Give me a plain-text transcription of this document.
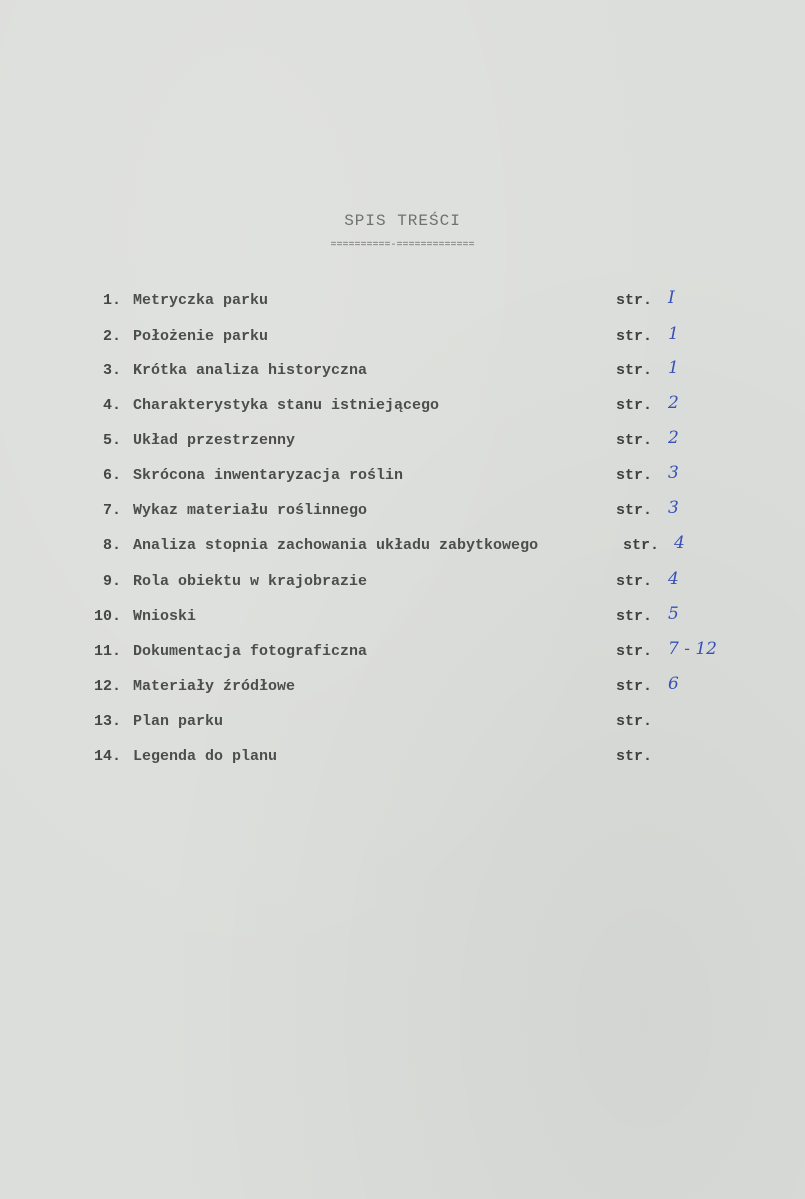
SPIS TREŚCI
==========-=============
1. Metryczka parku	str. I
2. Położenie parku	str. 1
3. Krótka analiza historyczna	str. 1
4. Charakterystyka stanu istniejącego	str. 2
5. Układ przestrzenny	str. 2
6. Skrócona inwentaryzacja roślin	str. 3
7. Wykaz materiału roślinnego	str. 3
8. Analiza stopnia zachowania układu zabytkowego	str. 4
9. Rola obiektu w krajobrazie	str. 4
10. Wnioski	str. 5
11. Dokumentacja fotograficzna	str. 7 - 12
12. Materiały źródłowe	str. 6
13. Plan parku	str.
14. Legenda do planu	str.
